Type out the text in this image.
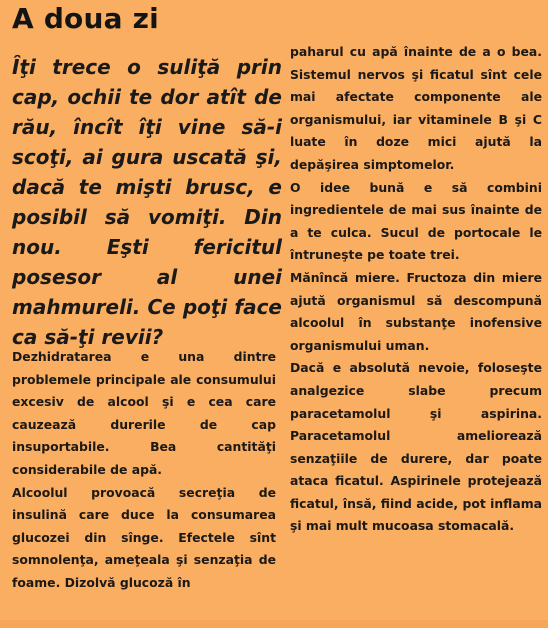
A doua zi
Îţi trece o suliţă prin cap, ochii te dor atît de rău, încît îţi vine să-i scoţi, ai gura uscată şi, dacă te mişti brusc, e posibil să vomiţi. Din nou. Eşti fericitul posesor al unei mahmureli. Ce poţi face ca să-ţi revii?

Dezhidratarea e una dintre problemele principale ale consumului excesiv de alcool şi e cea care cauzează durerile de cap insuportabile. Bea cantităţi considerabile de apă.

Alcoolul provoacă secreţia de insulină care duce la consumarea glucozei din sînge. Efectele sînt somnolenţa, ameţeala şi senzaţia de foame. Dizolvă glucoză în

paharul cu apă înainte de a o bea. Sistemul nervos şi ficatul sînt cele mai afectate componente ale organismului, iar vitaminele B şi C luate în doze mici ajută la depăşirea simptomelor.

O idee bună e să combini ingredientele de mai sus înainte de a te culca. Sucul de portocale le întruneşte pe toate trei.

Mănîncă miere. Fructoza din miere ajută organismul să descompună alcoolul în substanţe inofensive organismului uman.

Dacă e absolută nevoie, foloseşte analgezice slabe precum paracetamolul şi aspirina. Paracetamolul ameliorează senzaţiile de durere, dar poate ataca ficatul. Aspirinele protejează ficatul, însă, fiind acide, pot inflama şi mai mult mucoasa stomacală.
